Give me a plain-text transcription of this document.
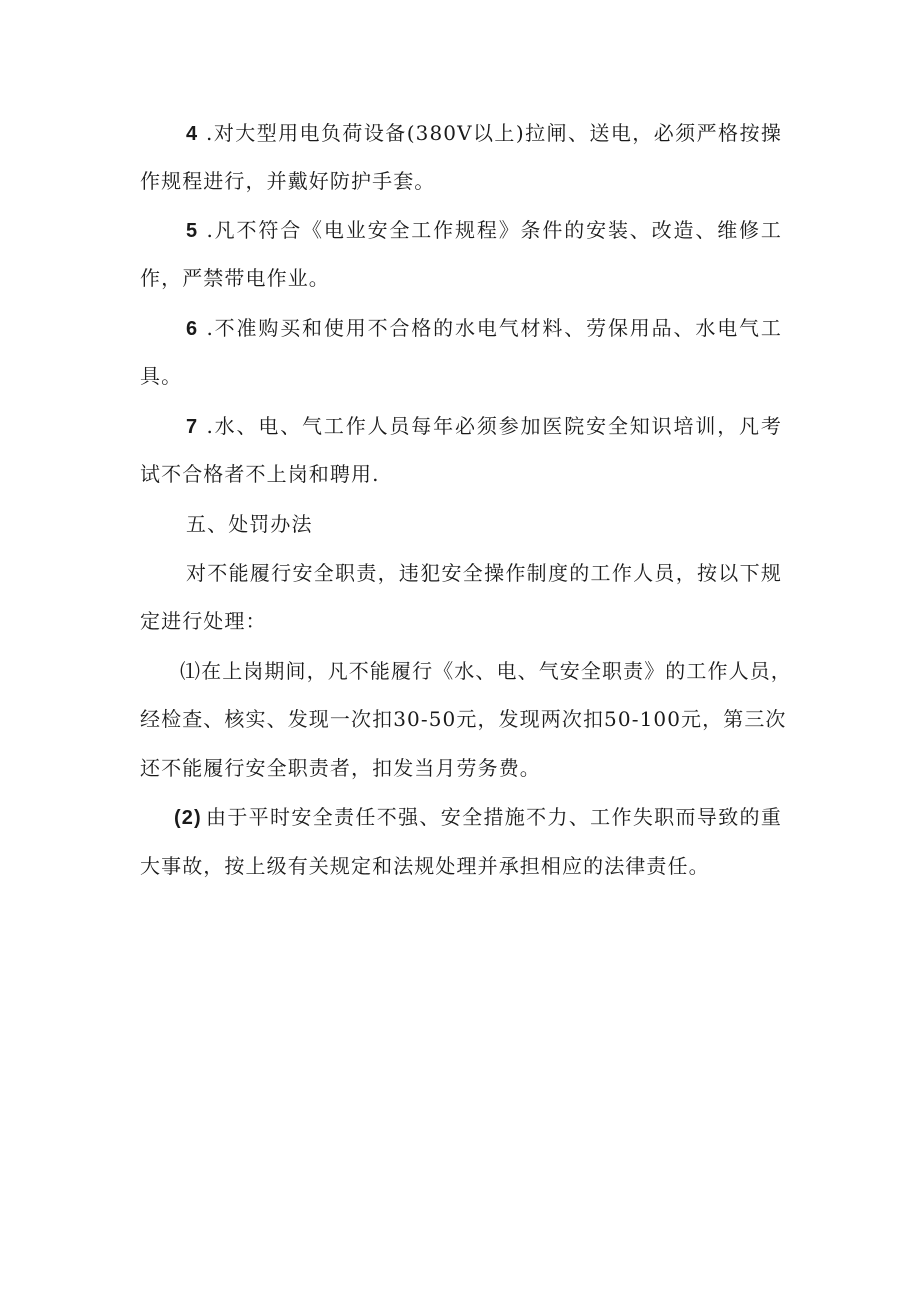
4 .对大型用电负荷设备(380V以上)拉闸、送电，必须严格按操
作规程进行，并戴好防护手套。
5 .凡不符合《电业安全工作规程》条件的安装、改造、维修工
作，严禁带电作业。
6 .不准购买和使用不合格的水电气材料、劳保用品、水电气工
具。
7 .水、电、气工作人员每年必须参加医院安全知识培训，凡考
试不合格者不上岗和聘用.
五、处罚办法
对不能履行安全职责，违犯安全操作制度的工作人员，按以下规
定进行处理：
⑴在上岗期间，凡不能履行《水、电、气安全职责》的工作人员，
经检查、核实、发现一次扣30-50元，发现两次扣50-100元，第三次
还不能履行安全职责者，扣发当月劳务费。
(2) 由于平时安全责任不强、安全措施不力、工作失职而导致的重
大事故，按上级有关规定和法规处理并承担相应的法律责任。
